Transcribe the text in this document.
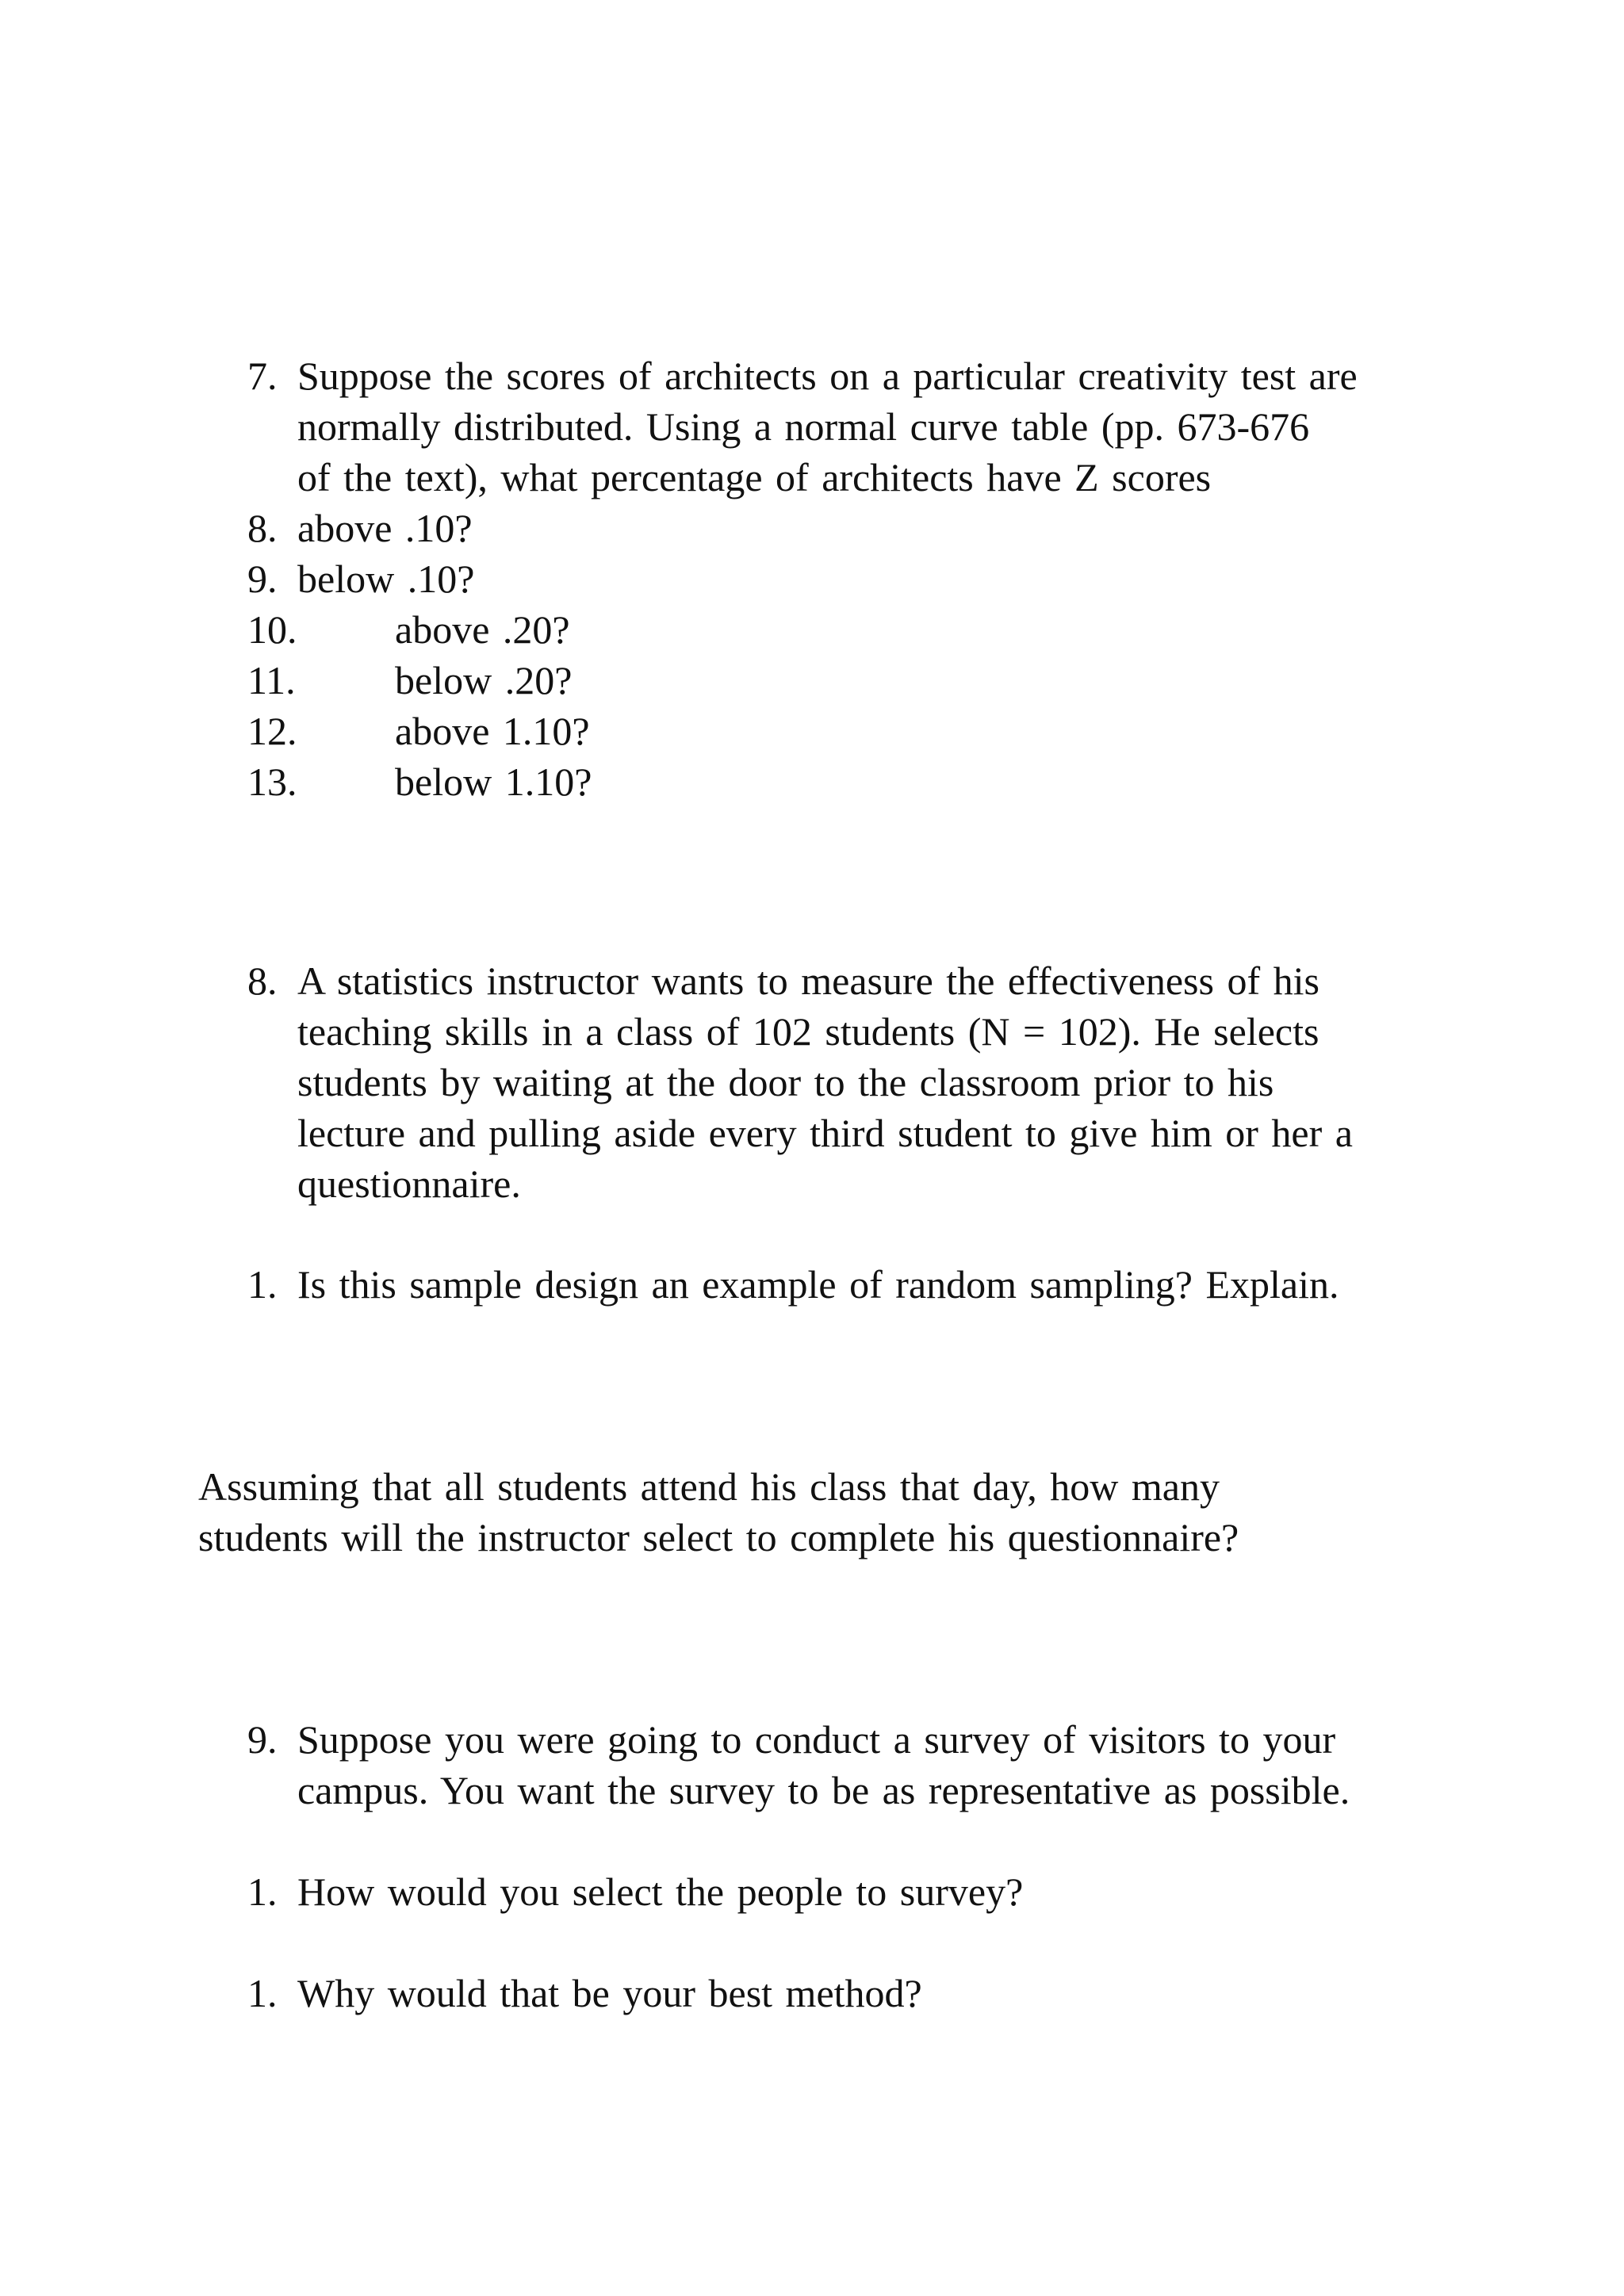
7. Suppose the scores of architects on a particular creativity test are
normally distributed. Using a normal curve table (pp. 673-676
of the text), what percentage of architects have Z scores
8. above .10?
9. below .10?
10. above .20?
11.	below .20?
12. above 1.10?
13. below 1.10?
8. A statistics instructor wants to measure the effectiveness of his
teaching skills in a class of 102 students (N = 102). He selects
students by waiting at the door to the classroom prior to his
lecture and pulling aside every third student to give him or her a
questionnaire.
1. Is this sample design an example of random sampling? Explain.
Assuming that all students attend his class that day, how many
students will the instructor select to complete his questionnaire?
9. Suppose you were going to conduct a survey of visitors to your
campus. You want the survey to be as representative as possible.
1. How would you select the people to survey?
1. Why would that be your best method?
